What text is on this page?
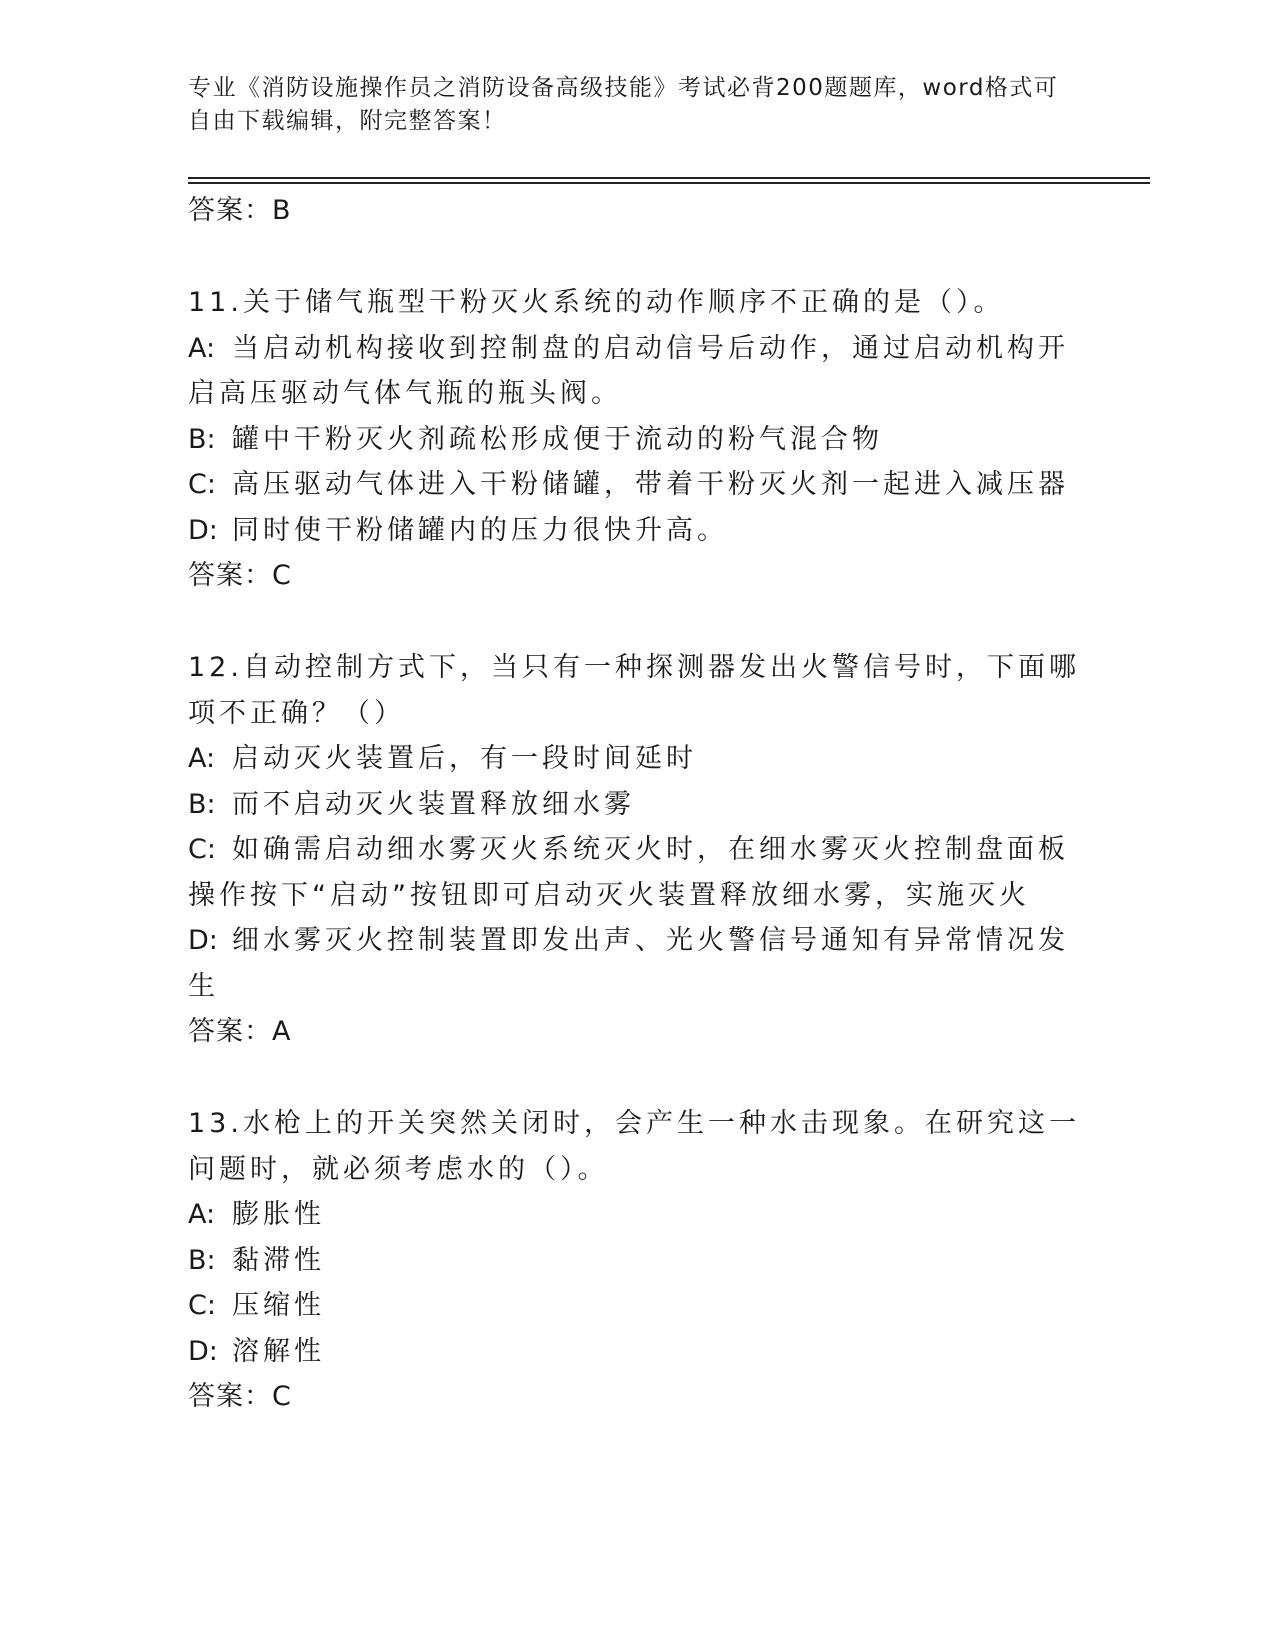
专业《消防设施操作员之消防设备高级技能》考试必背200题题库，word格式可自由下载编辑，附完整答案！

答案：B

11.关于储气瓶型干粉灭火系统的动作顺序不正确的是（）。

A: 当启动机构接收到控制盘的启动信号后动作，通过启动机构开启高压驱动气体气瓶的瓶头阀。

B: 罐中干粉灭火剂疏松形成便于流动的粉气混合物

C: 高压驱动气体进入干粉储罐，带着干粉灭火剂一起进入减压器

D: 同时使干粉储罐内的压力很快升高。

答案：C

12.自动控制方式下，当只有一种探测器发出火警信号时，下面哪项不正确？（）

A: 启动灭火装置后，有一段时间延时

B: 而不启动灭火装置释放细水雾

C: 如确需启动细水雾灭火系统灭火时，在细水雾灭火控制盘面板操作按下“启动”按钮即可启动灭火装置释放细水雾，实施灭火

D: 细水雾灭火控制装置即发出声、光火警信号通知有异常情况发生

答案：A

13.水枪上的开关突然关闭时，会产生一种水击现象。在研究这一问题时，就必须考虑水的（）。

A: 膨胀性

B: 黏滞性

C: 压缩性

D: 溶解性

答案：C
